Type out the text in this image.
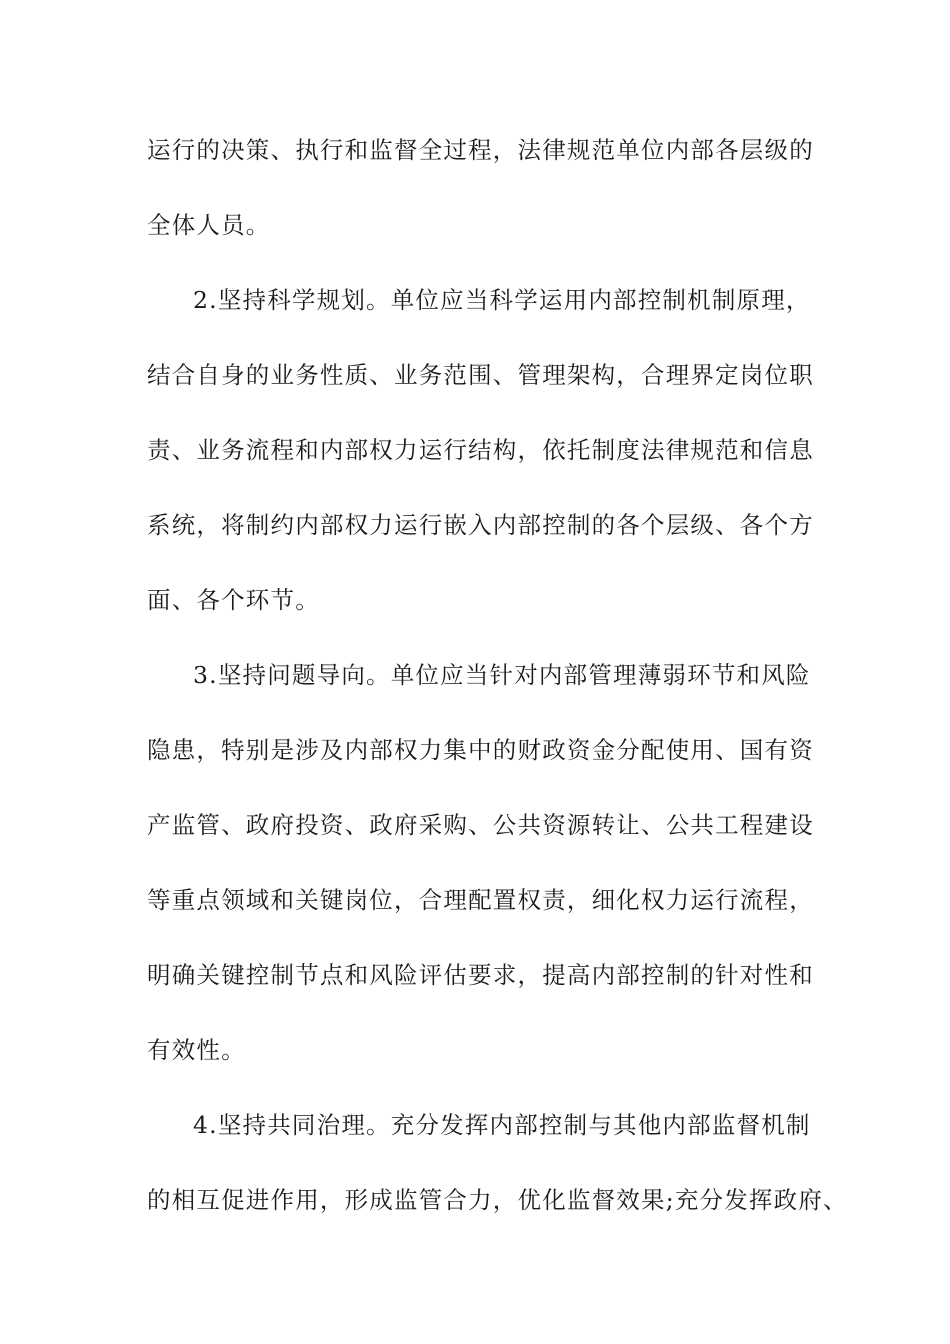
运行的决策、执行和监督全过程，法律规范单位内部各层级的
全体人员。
2.坚持科学规划。单位应当科学运用内部控制机制原理，
结合自身的业务性质、业务范围、管理架构，合理界定岗位职
责、业务流程和内部权力运行结构，依托制度法律规范和信息
系统，将制约内部权力运行嵌入内部控制的各个层级、各个方
面、各个环节。
3.坚持问题导向。单位应当针对内部管理薄弱环节和风险
隐患，特别是涉及内部权力集中的财政资金分配使用、国有资
产监管、政府投资、政府采购、公共资源转让、公共工程建设
等重点领域和关键岗位，合理配置权责，细化权力运行流程，
明确关键控制节点和风险评估要求，提高内部控制的针对性和
有效性。
4.坚持共同治理。充分发挥内部控制与其他内部监督机制
的相互促进作用，形成监管合力，优化监督效果;充分发挥政府、
